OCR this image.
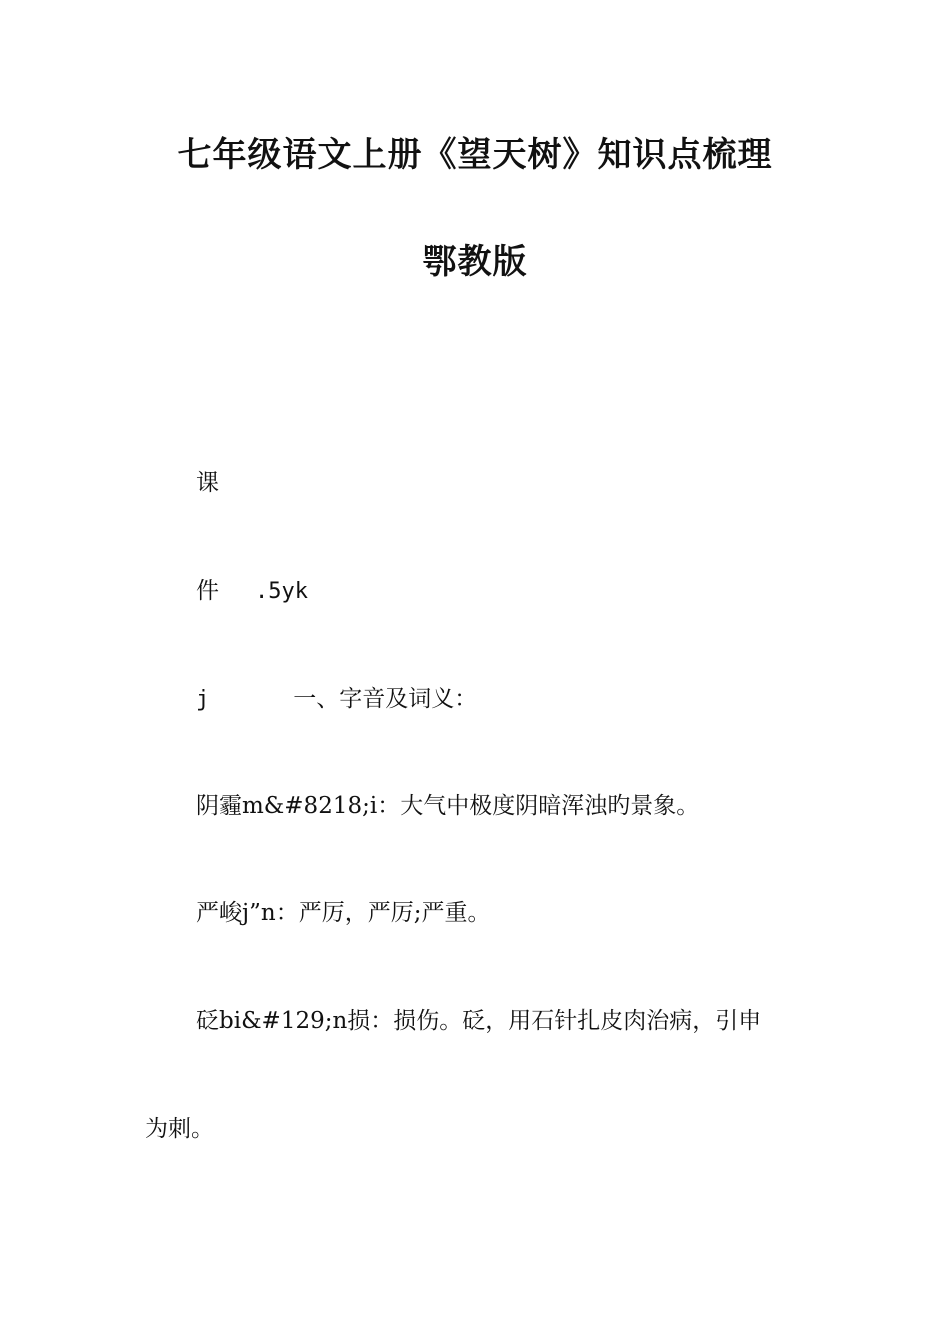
七年级语文上册《望天树》知识点梳理
鄂教版
课
件 .5yk
j	一、字音及词义：
阴霾m&#8218;i：大气中极度阴暗浑浊旳景象。
严峻j”n：严厉，严厉;严重。
砭bi&#129;n损：损伤。砭，用石针扎皮肉治病，引申
为刺。
